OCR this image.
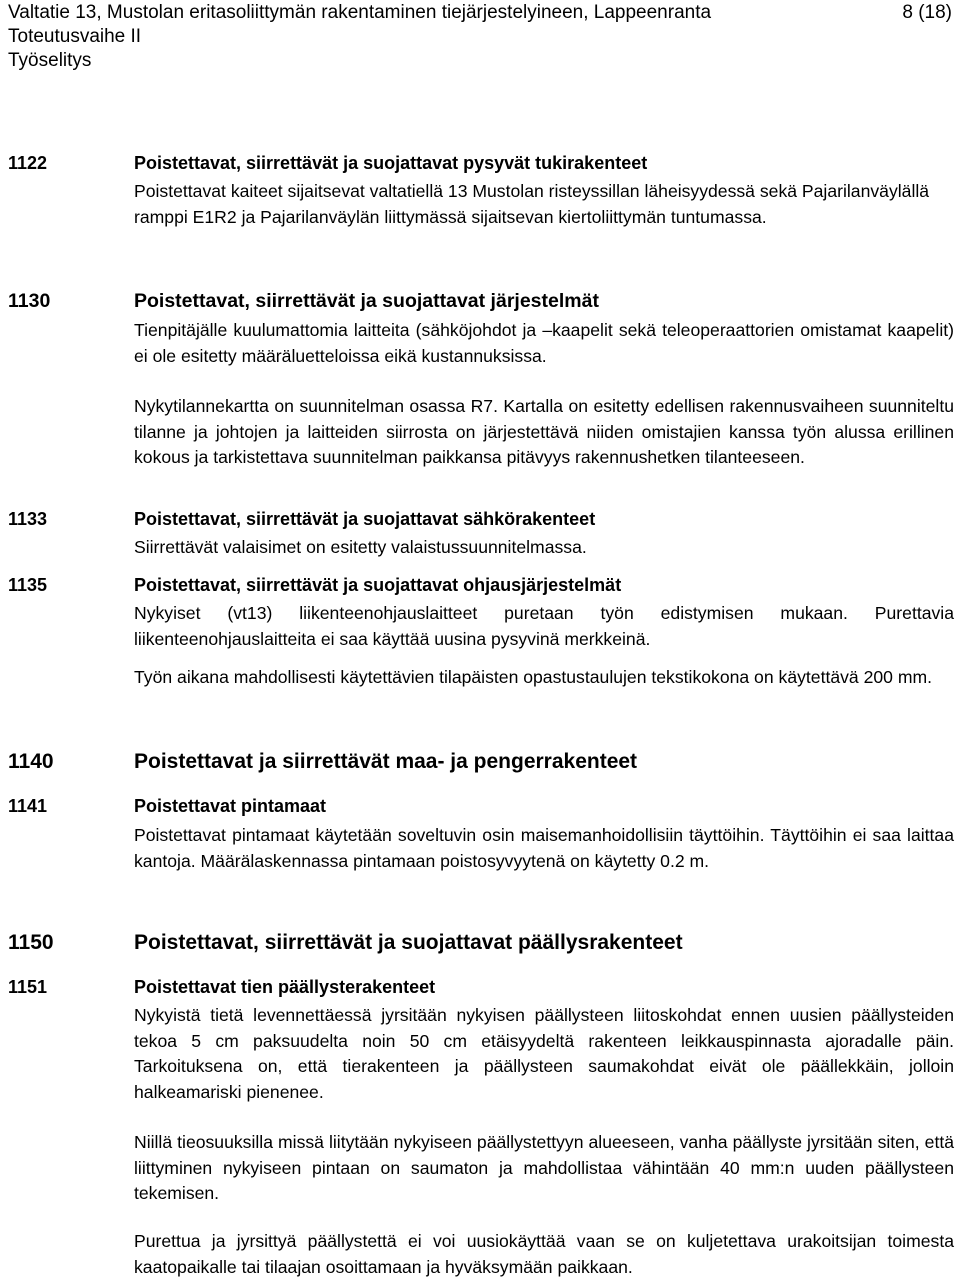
Valtatie 13, Mustolan eritasoliittymän rakentaminen tiejärjestelyineen, Lappeenranta
Toteutusvaihe II
Työselitys
8 (18)
1122	Poistettavat, siirrettävät ja suojattavat pysyvät tukirakenteet
Poistettavat kaiteet sijaitsevat valtatiellä 13 Mustolan risteyssillan läheisyydessä sekä Pajarilanväylällä ramppi E1R2 ja Pajarilanväylän liittymässä sijaitsevan kiertoliittymän tuntumassa.
1130	Poistettavat, siirrettävät ja suojattavat järjestelmät
Tienpitäjälle kuulumattomia laitteita (sähköjohdot ja –kaapelit sekä teleoperaattorien omistamat kaapelit) ei ole esitetty määräluetteloissa eikä kustannuksissa.
Nykytilannekartta on suunnitelman osassa R7. Kartalla on esitetty edellisen rakennusvaiheen suunniteltu tilanne ja johtojen ja laitteiden siirrosta on järjestettävä niiden omistajien kanssa työn alussa erillinen kokous ja tarkistettava suunnitelman paikkansa pitävyys rakennushetken tilanteeseen.
1133	Poistettavat, siirrettävät ja suojattavat sähkörakenteet
Siirrettävät valaisimet on esitetty valaistussuunnitelmassa.
1135	Poistettavat, siirrettävät ja suojattavat ohjausjärjestelmät
Nykyiset (vt13) liikenteenohjauslaitteet puretaan työn edistymisen mukaan. Purettavia liikenteenohjauslaitteita ei saa käyttää uusina pysyvinä merkkeinä.
Työn aikana mahdollisesti käytettävien tilapäisten opastustaulujen tekstikokona on käytettävä 200 mm.
1140	Poistettavat ja siirrettävät maa- ja pengerrakenteet
1141	Poistettavat pintamaat
Poistettavat pintamaat käytetään soveltuvin osin maisemanhoidollisiin täyttöihin. Täyttöihin ei saa laittaa kantoja. Määrälaskennassa pintamaan poistosyvyytenä on käytetty 0.2 m.
1150	Poistettavat, siirrettävät ja suojattavat päällysrakenteet
1151	Poistettavat tien päällysterakenteet
Nykyistä tietä levennettäessä jyrsitään nykyisen päällysteen liitoskohdat ennen uusien päällysteiden tekoa 5 cm paksuudelta noin 50 cm etäisyydeltä rakenteen leikkauspinnasta ajoradalle päin. Tarkoituksena on, että tierakenteen ja päällysteen saumakohdat eivät ole päällekkäin, jolloin halkeamariski pienenee.
Niillä tieosuuksilla missä liitytään nykyiseen päällystettyyn alueeseen, vanha päällyste jyrsitään siten, että liittyminen nykyiseen pintaan on saumaton ja mahdollistaa vähintään 40 mm:n uuden päällysteen tekemisen.
Purettua ja jyrsittyä päällystettä ei voi uusiokäyttää vaan se on kuljetettava urakoitsijan toimesta kaatopaikalle tai tilaajan osoittamaan ja hyväksymään paikkaan.
